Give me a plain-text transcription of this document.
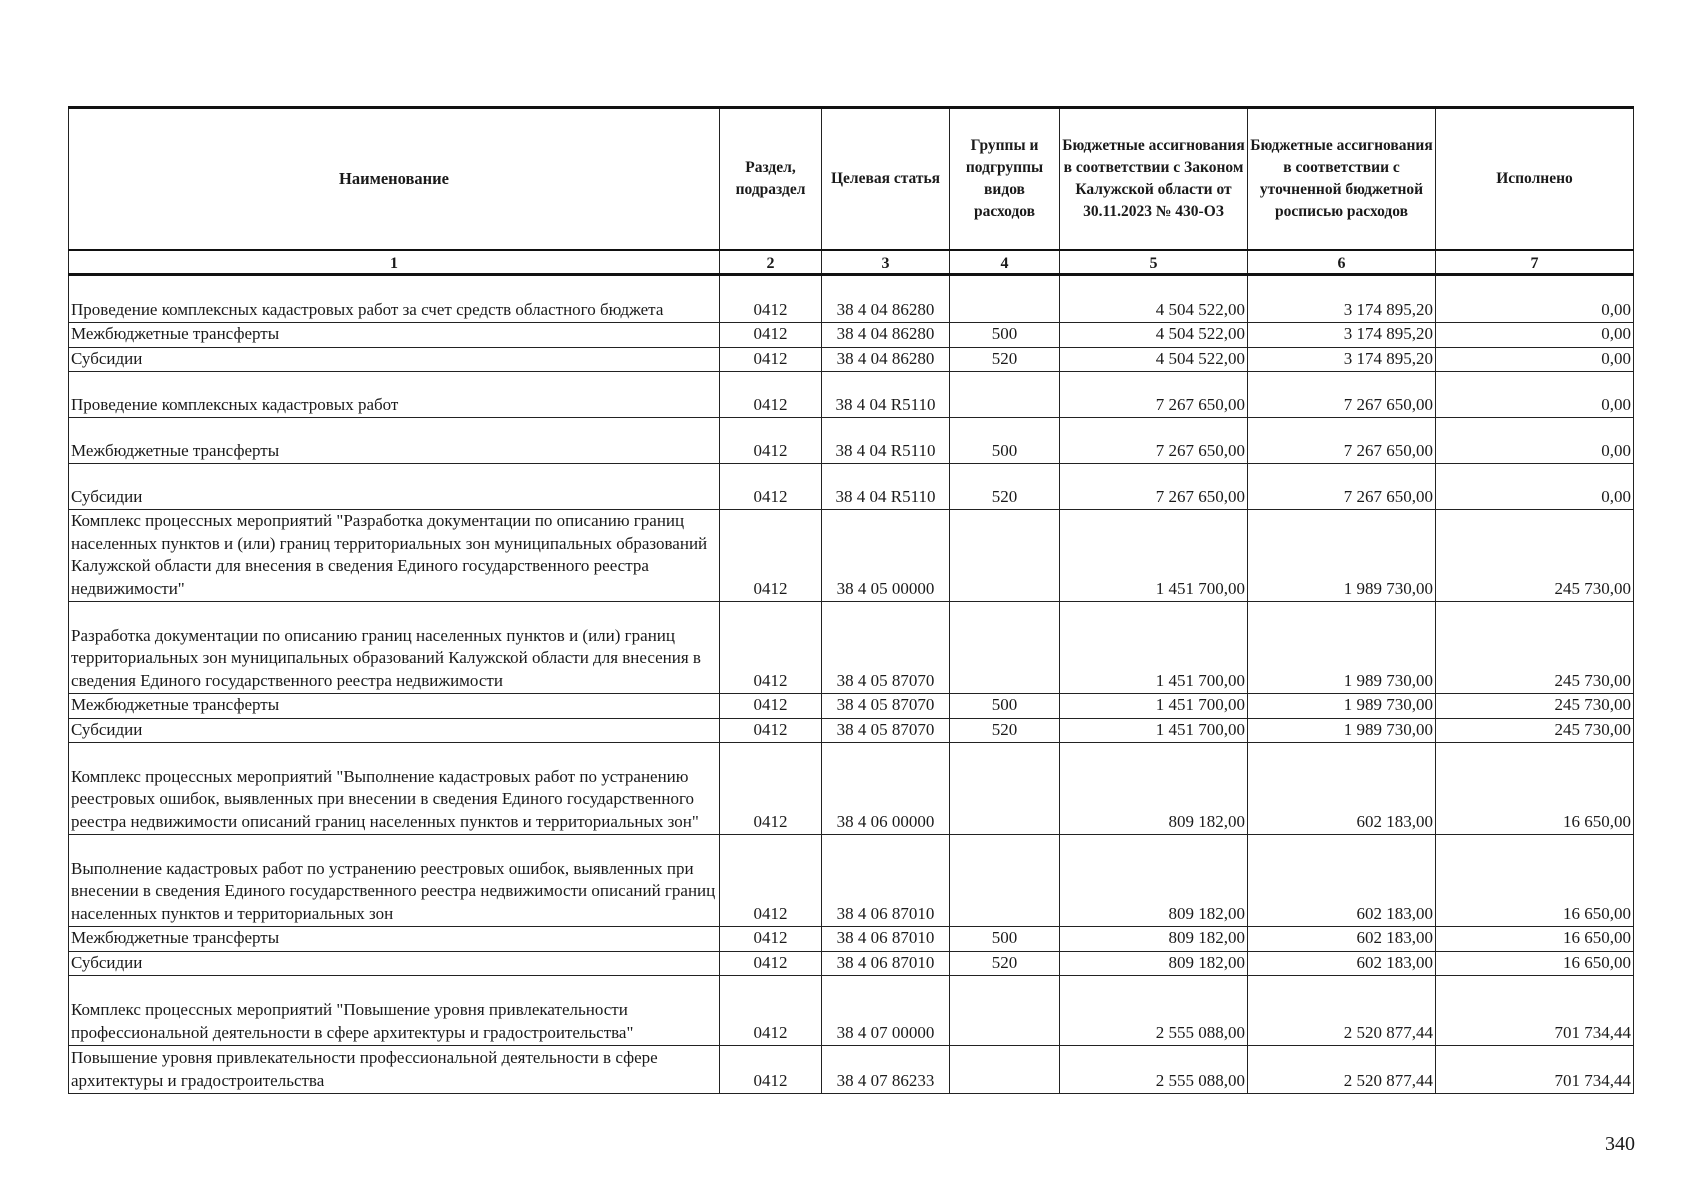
Наименование	Раздел, подраздел	Целевая статья	Группы и подгруппы видов расходов	Бюджетные ассигнования в соответствии с Законом Калужской области от 30.11.2023 № 430-ОЗ	Бюджетные ассигнования в соответствии с уточненной бюджетной росписью расходов	Исполнено
1	2	3	4	5	6	7
Проведение комплексных кадастровых работ за счет средств областного бюджета	0412	38 4 04 86280		4 504 522,00	3 174 895,20	0,00
Межбюджетные трансферты	0412	38 4 04 86280	500	4 504 522,00	3 174 895,20	0,00
Субсидии	0412	38 4 04 86280	520	4 504 522,00	3 174 895,20	0,00
Проведение комплексных кадастровых работ	0412	38 4 04 R5110		7 267 650,00	7 267 650,00	0,00
Межбюджетные трансферты	0412	38 4 04 R5110	500	7 267 650,00	7 267 650,00	0,00
Субсидии	0412	38 4 04 R5110	520	7 267 650,00	7 267 650,00	0,00
Комплекс процессных мероприятий "Разработка документации по описанию границ населенных пунктов и (или) границ территориальных зон муниципальных образований Калужской области для внесения в сведения Единого государственного реестра недвижимости"	0412	38 4 05 00000		1 451 700,00	1 989 730,00	245 730,00
Разработка документации по описанию границ населенных пунктов и (или) границ территориальных зон муниципальных образований Калужской области для внесения в сведения Единого государственного реестра недвижимости	0412	38 4 05 87070		1 451 700,00	1 989 730,00	245 730,00
Межбюджетные трансферты	0412	38 4 05 87070	500	1 451 700,00	1 989 730,00	245 730,00
Субсидии	0412	38 4 05 87070	520	1 451 700,00	1 989 730,00	245 730,00
Комплекс процессных мероприятий "Выполнение кадастровых работ по устранению реестровых ошибок, выявленных при внесении в сведения Единого государственного реестра недвижимости описаний границ населенных пунктов и территориальных зон"	0412	38 4 06 00000		809 182,00	602 183,00	16 650,00
Выполнение кадастровых работ по устранению реестровых ошибок, выявленных при внесении в сведения Единого государственного реестра недвижимости описаний границ населенных пунктов и территориальных зон	0412	38 4 06 87010		809 182,00	602 183,00	16 650,00
Межбюджетные трансферты	0412	38 4 06 87010	500	809 182,00	602 183,00	16 650,00
Субсидии	0412	38 4 06 87010	520	809 182,00	602 183,00	16 650,00
Комплекс процессных мероприятий "Повышение уровня привлекательности профессиональной деятельности в сфере архитектуры и градостроительства"	0412	38 4 07 00000		2 555 088,00	2 520 877,44	701 734,44
Повышение уровня привлекательности профессиональной деятельности в сфере архитектуры и градостроительства	0412	38 4 07 86233		2 555 088,00	2 520 877,44	701 734,44
340
